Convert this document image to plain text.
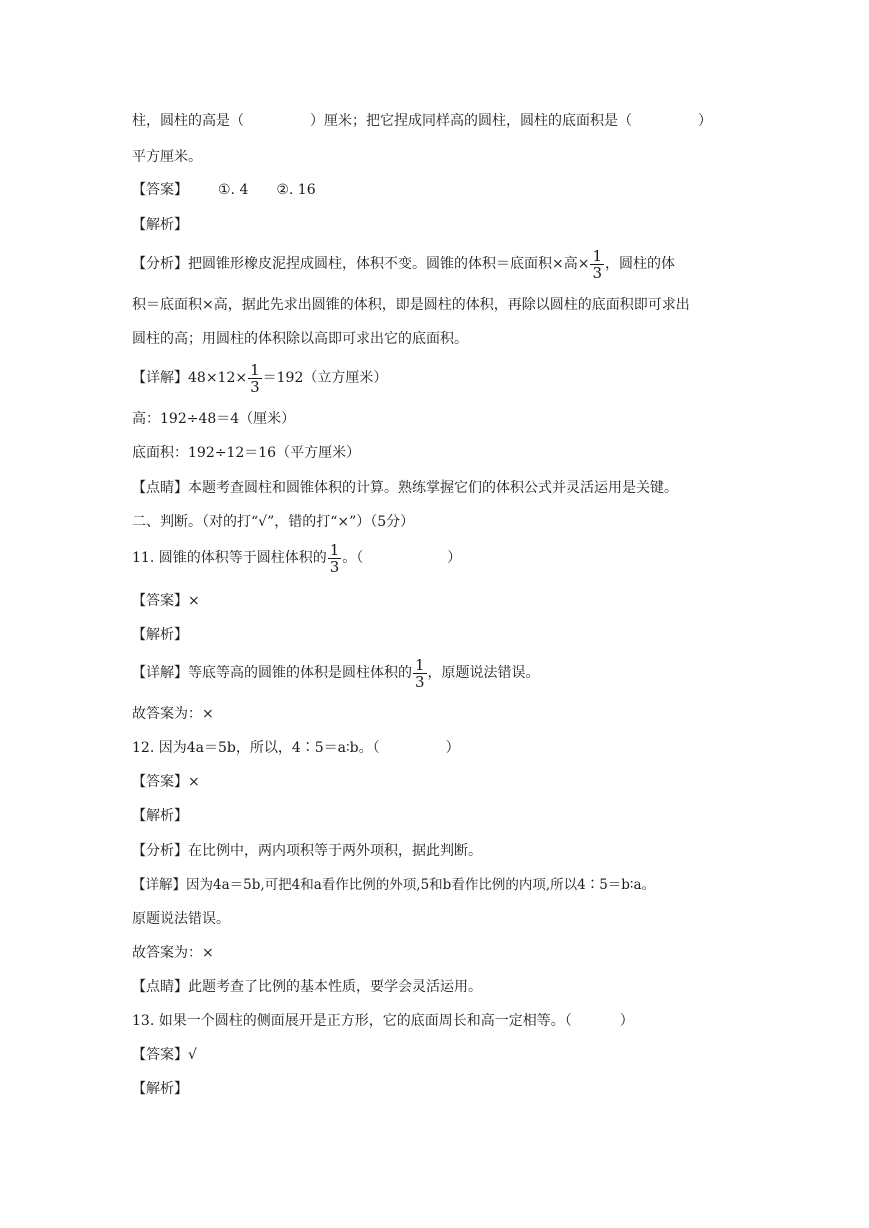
柱，圆柱的高是（	）厘米；把它捏成同样高的圆柱，圆柱的底面积是（	）
平方厘米。
【答案】 ①. 4 ②. 16
【解析】
【分析】把圆锥形橡皮泥捏成圆柱，体积不变。圆锥的体积＝底面积×高× $\frac{1}{3}$ ，圆柱的体
积＝底面积×高，据此先求出圆锥的体积，即是圆柱的体积，再除以圆柱的底面积即可求出
圆柱的高；用圆柱的体积除以高即可求出它的底面积。
【详解】$48\times 12\times \frac{1}{3} =192$（立方厘米）
高：192÷48＝4（厘米）
底面积：192÷12＝16（平方厘米）
【点睛】本题考查圆柱和圆锥体积的计算。熟练掌握它们的体积公式并灵活运用是关键。
二、判断。（对的打“√”，错的打“×”）（5分）
11. 圆锥的体积等于圆柱体积的 $\frac{1}{3}$ 。（	）
【答案】×
【解析】
【详解】等底等高的圆锥的体积是圆柱体积的 $\frac{1}{3}$ ，原题说法错误。
故答案为：×
12. 因为4a＝5b，所以，4∶5＝a∶b。（	）
【答案】×
【解析】
【分析】在比例中，两内项积等于两外项积，据此判断。
【详解】因为4a＝5b,可把4和a看作比例的外项,5和b看作比例的内项,所以4∶5＝b∶a。
原题说法错误。
故答案为：×
【点睛】此题考查了比例的基本性质，要学会灵活运用。
13. 如果一个圆柱的侧面展开是正方形，它的底面周长和高一定相等。（	）
【答案】√
【解析】
